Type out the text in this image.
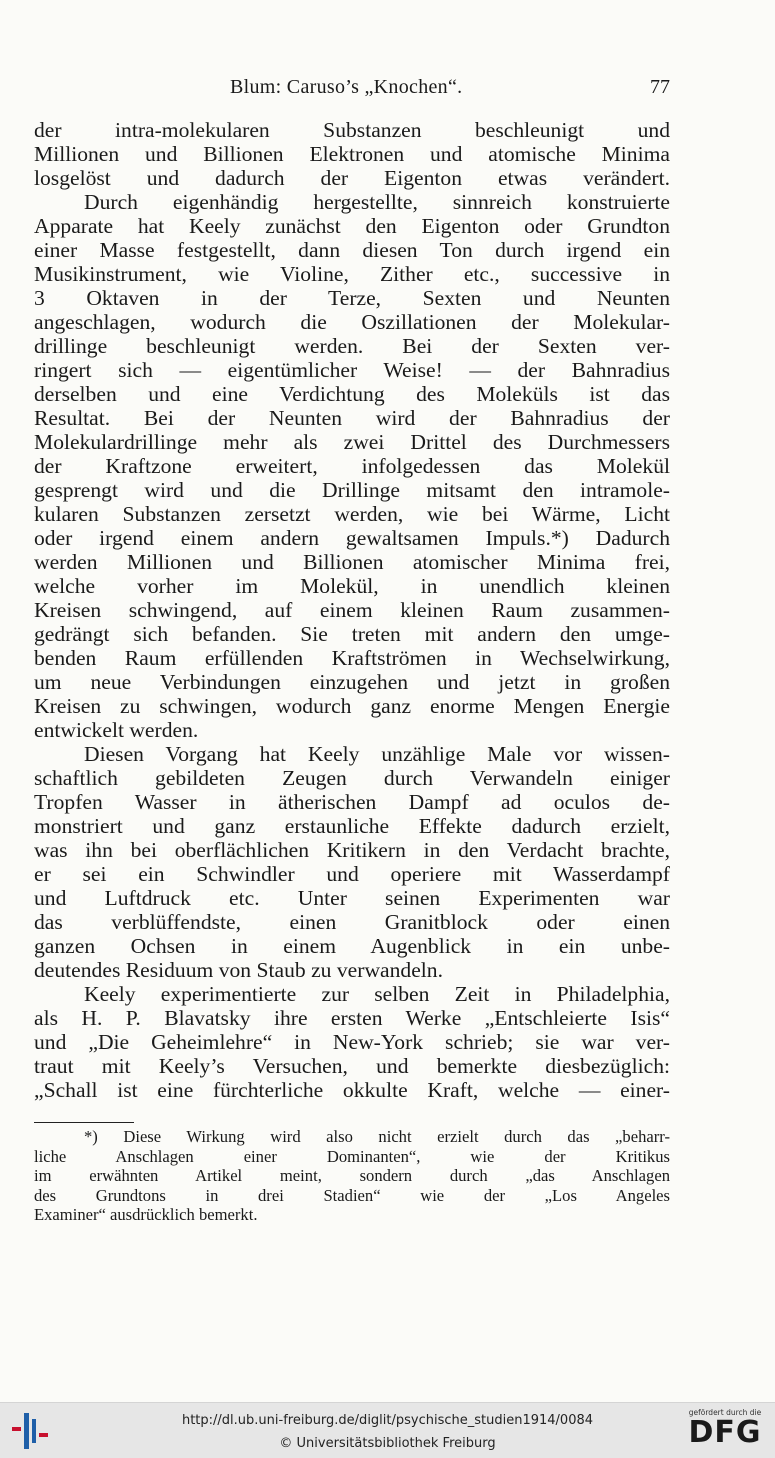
Blum: Caruso’s „Knochen“.	77
der intra-molekularen Substanzen beschleunigt und
Millionen und Billionen Elektronen und atomische Minima
losgelöst und dadurch der Eigenton etwas verändert.
Durch eigenhändig hergestellte, sinnreich konstruierte
Apparate hat Keely zunächst den Eigenton oder Grundton
einer Masse festgestellt, dann diesen Ton durch irgend ein
Musikinstrument, wie Violine, Zither etc., successive in
3 Oktaven in der Terze, Sexten und Neunten
angeschlagen, wodurch die Oszillationen der Molekular-
drillinge beschleunigt werden. Bei der Sexten ver-
ringert sich — eigentümlicher Weise! — der Bahnradius
derselben und eine Verdichtung des Moleküls ist das
Resultat. Bei der Neunten wird der Bahnradius der
Molekulardrillinge mehr als zwei Drittel des Durchmessers
der Kraftzone erweitert, infolgedessen das Molekül
gesprengt wird und die Drillinge mitsamt den intramole-
kularen Substanzen zersetzt werden, wie bei Wärme, Licht
oder irgend einem andern gewaltsamen Impuls.*) Dadurch
werden Millionen und Billionen atomischer Minima frei,
welche vorher im Molekül, in unendlich kleinen
Kreisen schwingend, auf einem kleinen Raum zusammen-
gedrängt sich befanden. Sie treten mit andern den umge-
benden Raum erfüllenden Kraftströmen in Wechselwirkung,
um neue Verbindungen einzugehen und jetzt in großen
Kreisen zu schwingen, wodurch ganz enorme Mengen Energie
entwickelt werden.
Diesen Vorgang hat Keely unzählige Male vor wissen-
schaftlich gebildeten Zeugen durch Verwandeln einiger
Tropfen Wasser in ätherischen Dampf ad oculos de-
monstriert und ganz erstaunliche Effekte dadurch erzielt,
was ihn bei oberflächlichen Kritikern in den Verdacht brachte,
er sei ein Schwindler und operiere mit Wasserdampf
und Luftdruck etc. Unter seinen Experimenten war
das verblüffendste, einen Granitblock oder einen
ganzen Ochsen in einem Augenblick in ein unbe-
deutendes Residuum von Staub zu verwandeln.
Keely experimentierte zur selben Zeit in Philadelphia,
als H. P. Blavatsky ihre ersten Werke „Entschleierte Isis“
und „Die Geheimlehre“ in New-York schrieb; sie war ver-
traut mit Keely’s Versuchen, und bemerkte diesbezüglich:
„Schall ist eine fürchterliche okkulte Kraft, welche — einer-
*) Diese Wirkung wird also nicht erzielt durch das „beharr-
liche Anschlagen einer Dominanten“, wie der Kritikus
im erwähnten Artikel meint, sondern durch „das Anschlagen
des Grundtons in drei Stadien“ wie der „Los Angeles
Examiner“ ausdrücklich bemerkt.
http://dl.ub.uni-freiburg.de/diglit/psychische_studien1914/0084
© Universitätsbibliothek Freiburg
gefördert durch die
DFG
